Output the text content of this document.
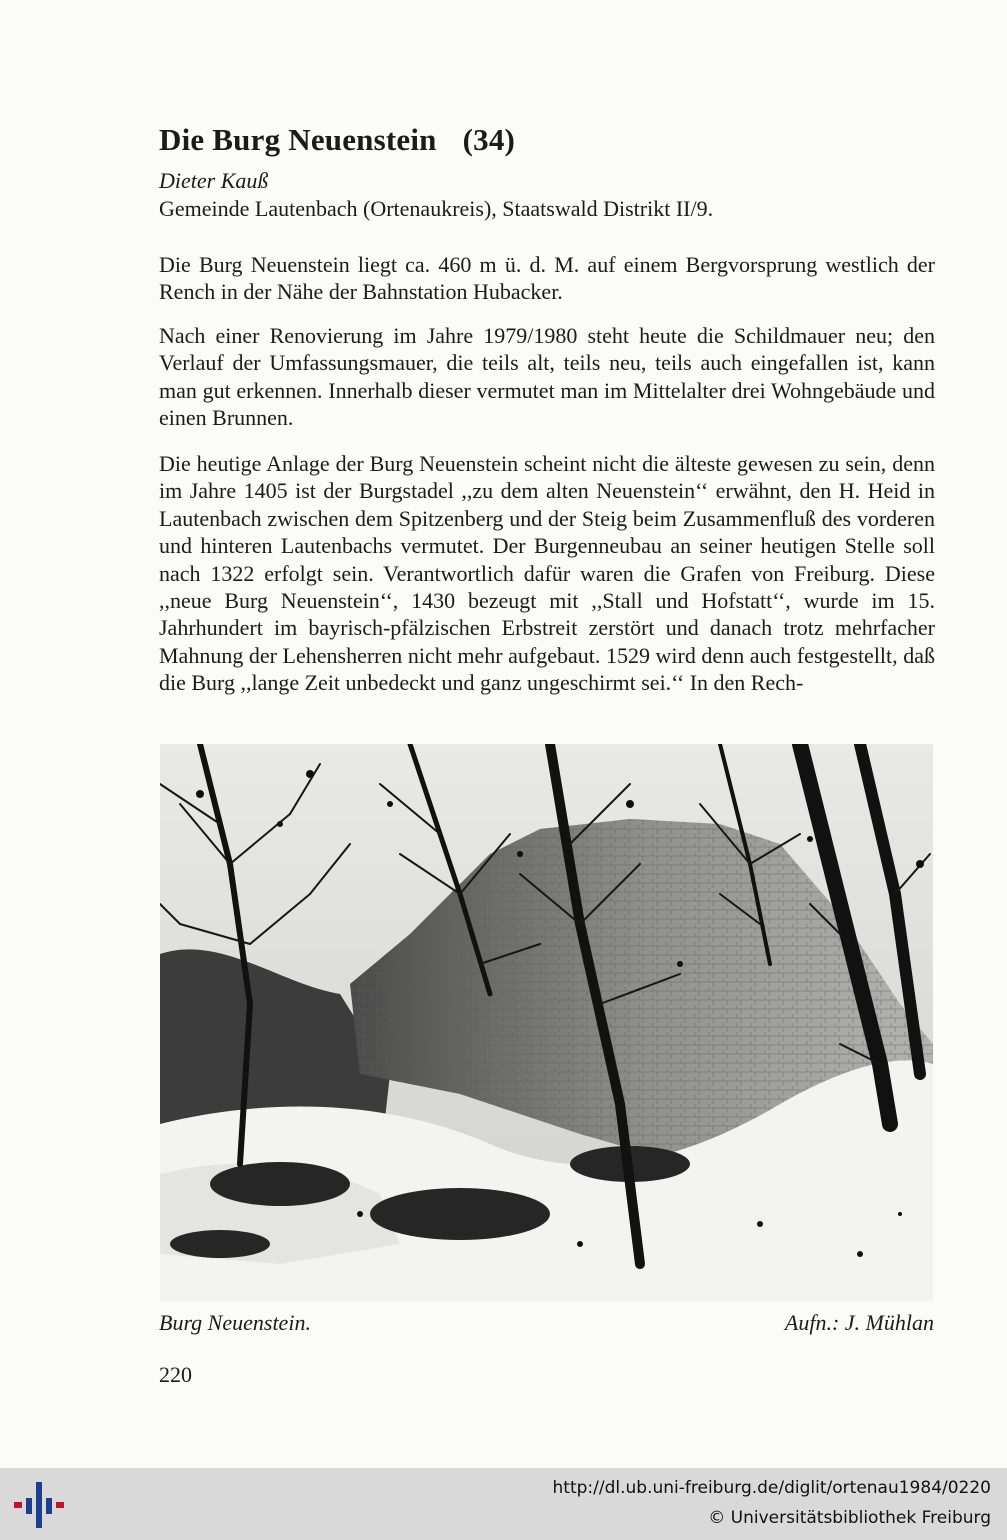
Die Burg Neuenstein (34)
Dieter Kauß
Gemeinde Lautenbach (Ortenaukreis), Staatswald Distrikt II/9.

Die Burg Neuenstein liegt ca. 460 m ü. d. M. auf einem Bergvorsprung westlich der Rench in der Nähe der Bahnstation Hubacker.

Nach einer Renovierung im Jahre 1979/1980 steht heute die Schildmauer neu; den Verlauf der Umfassungsmauer, die teils alt, teils neu, teils auch eingefallen ist, kann man gut erkennen. Innerhalb dieser vermutet man im Mittelalter drei Wohngebäude und einen Brunnen.

Die heutige Anlage der Burg Neuenstein scheint nicht die älteste gewesen zu sein, denn im Jahre 1405 ist der Burgstadel ,,zu dem alten Neuenstein‘‘ erwähnt, den H. Heid in Lautenbach zwischen dem Spitzenberg und der Steig beim Zusammenfluß des vorderen und hinteren Lautenbachs vermutet. Der Burgenneubau an seiner heutigen Stelle soll nach 1322 erfolgt sein. Verantwortlich dafür waren die Grafen von Freiburg. Diese ,,neue Burg Neuenstein‘‘, 1430 bezeugt mit ,,Stall und Hofstatt‘‘, wurde im 15. Jahrhundert im bayrisch-pfälzischen Erbstreit zerstört und danach trotz mehrfacher Mahnung der Lehensherren nicht mehr aufgebaut. 1529 wird denn auch festgestellt, daß die Burg ,,lange Zeit unbedeckt und ganz ungeschirmt sei.‘‘ In den Rech-

Burg Neuenstein.	Aufn.: J. Mühlan
220
http://dl.ub.uni-freiburg.de/diglit/ortenau1984/0220
© Universitätsbibliothek Freiburg
